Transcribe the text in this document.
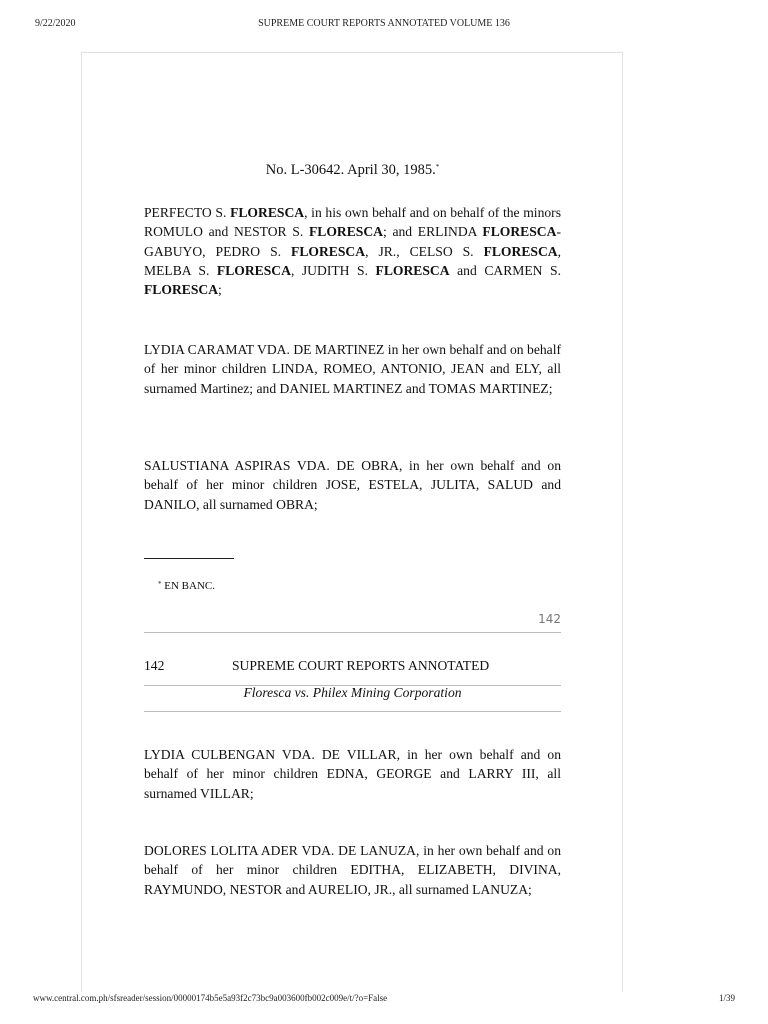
9/22/2020	SUPREME COURT REPORTS ANNOTATED VOLUME 136
No. L-30642. April 30, 1985.*

PERFECTO S. FLORESCA, in his own behalf and on behalf of the minors ROMULO and NESTOR S. FLORESCA; and ERLINDA FLORESCA-GABUYO, PEDRO S. FLORESCA, JR., CELSO S. FLORESCA, MELBA S. FLORESCA, JUDITH S. FLORESCA and CARMEN S. FLORESCA;

LYDIA CARAMAT VDA. DE MARTINEZ in her own behalf and on behalf of her minor children LINDA, ROMEO, ANTONIO, JEAN and ELY, all surnamed Martinez; and DANIEL MARTINEZ and TOMAS MARTINEZ;

SALUSTIANA ASPIRAS VDA. DE OBRA, in her own behalf and on behalf of her minor children JOSE, ESTELA, JULITA, SALUD and DANILO, all surnamed OBRA;

* EN BANC.
142
142	SUPREME COURT REPORTS ANNOTATED
Floresca vs. Philex Mining Corporation

LYDIA CULBENGAN VDA. DE VILLAR, in her own behalf and on behalf of her minor children EDNA, GEORGE and LARRY III, all surnamed VILLAR;

DOLORES LOLITA ADER VDA. DE LANUZA, in her own behalf and on behalf of her minor children EDITHA, ELIZABETH, DIVINA, RAYMUNDO, NESTOR and AURELIO, JR., all surnamed LANUZA;

www.central.com.ph/sfsreader/session/00000174b5e5a93f2c73bc9a003600fb002c009e/t/?o=False	1/39
